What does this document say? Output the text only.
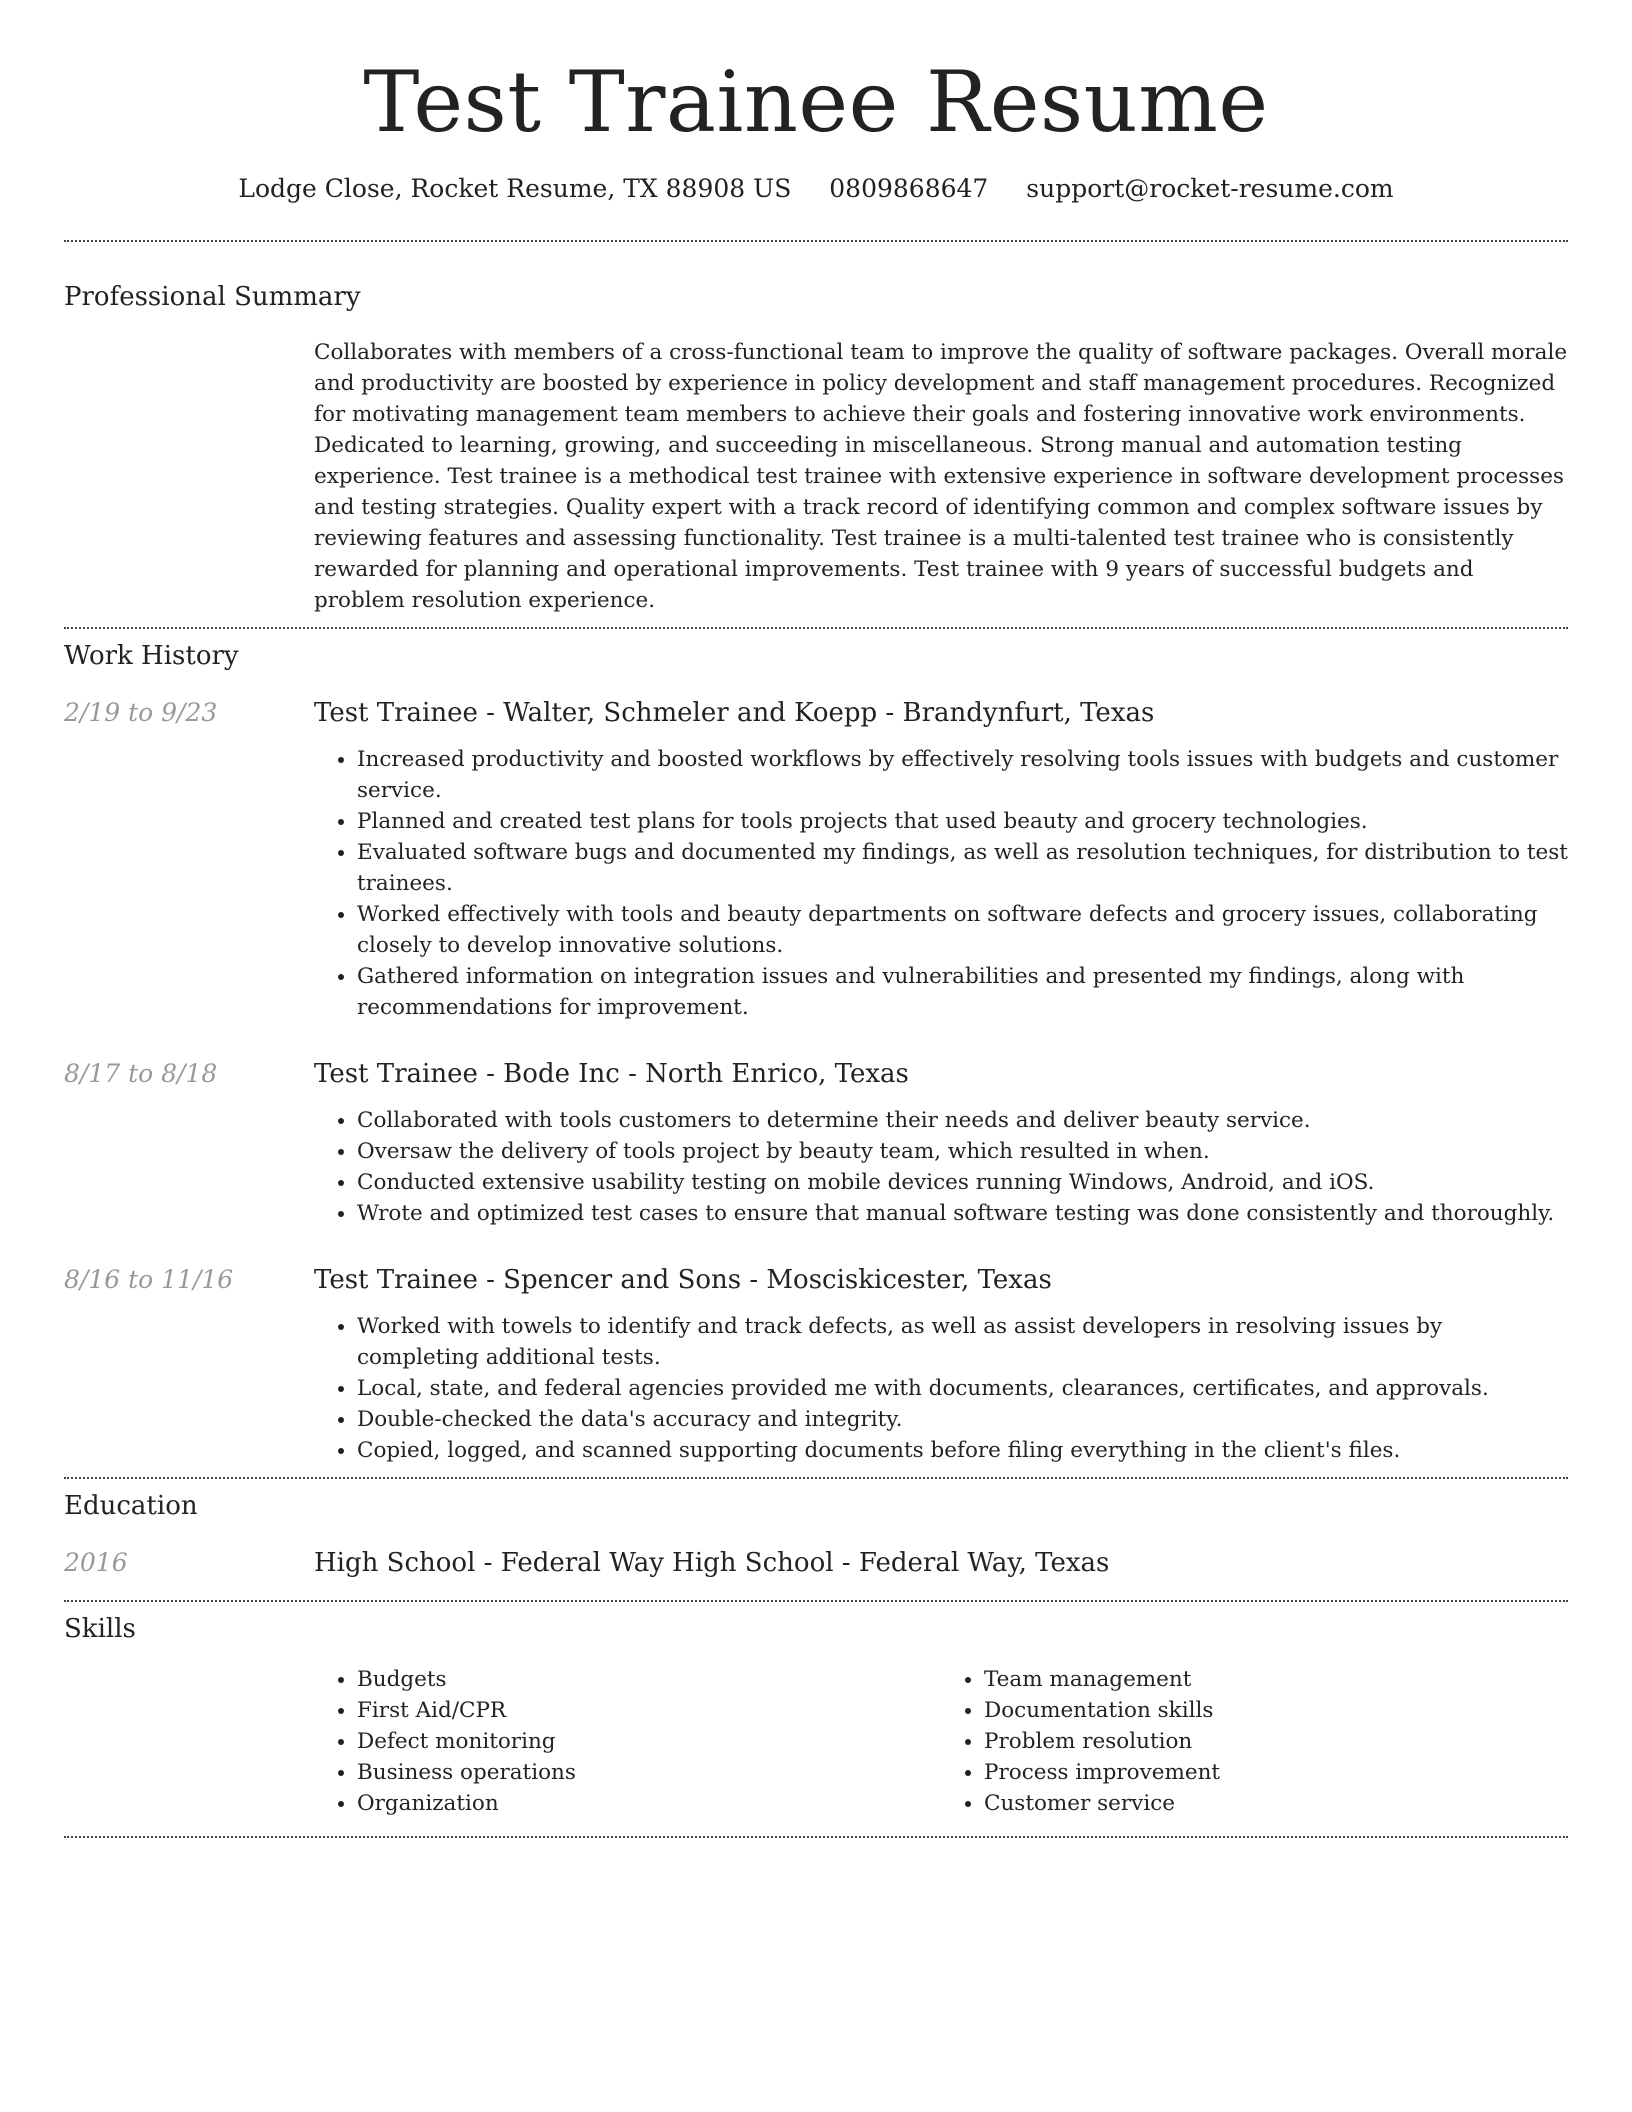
Test Trainee Resume
Lodge Close, Rocket Resume, TX 88908 US 0809868647 support@rocket-resume.com
Professional Summary

Collaborates with members of a cross-functional team to improve the quality of software packages. Overall morale and productivity are boosted by experience in policy development and staff management procedures. Recognized for motivating management team members to achieve their goals and fostering innovative work environments. Dedicated to learning, growing, and succeeding in miscellaneous. Strong manual and automation testing experience. Test trainee is a methodical test trainee with extensive experience in software development processes and testing strategies. Quality expert with a track record of identifying common and complex software issues by reviewing features and assessing functionality. Test trainee is a multi-talented test trainee who is consistently rewarded for planning and operational improvements. Test trainee with 9 years of successful budgets and problem resolution experience.

Work History
2/19 to 9/23	Test Trainee - Walter, Schmeler and Koepp - Brandynfurt, Texas
• Increased productivity and boosted workflows by effectively resolving tools issues with budgets and customer service.
• Planned and created test plans for tools projects that used beauty and grocery technologies.
• Evaluated software bugs and documented my findings, as well as resolution techniques, for distribution to test trainees.
• Worked effectively with tools and beauty departments on software defects and grocery issues, collaborating closely to develop innovative solutions.
• Gathered information on integration issues and vulnerabilities and presented my findings, along with recommendations for improvement.
8/17 to 8/18	Test Trainee - Bode Inc - North Enrico, Texas
• Collaborated with tools customers to determine their needs and deliver beauty service.
• Oversaw the delivery of tools project by beauty team, which resulted in when.
• Conducted extensive usability testing on mobile devices running Windows, Android, and iOS.
• Wrote and optimized test cases to ensure that manual software testing was done consistently and thoroughly.
8/16 to 11/16	Test Trainee - Spencer and Sons - Mosciskicester, Texas
• Worked with towels to identify and track defects, as well as assist developers in resolving issues by completing additional tests.
• Local, state, and federal agencies provided me with documents, clearances, certificates, and approvals.
• Double-checked the data's accuracy and integrity.
• Copied, logged, and scanned supporting documents before filing everything in the client's files.
Education
2016	High School - Federal Way High School - Federal Way, Texas
Skills
• Budgets
• First Aid/CPR
• Defect monitoring
• Business operations
• Organization
• Team management
• Documentation skills
• Problem resolution
• Process improvement
• Customer service
